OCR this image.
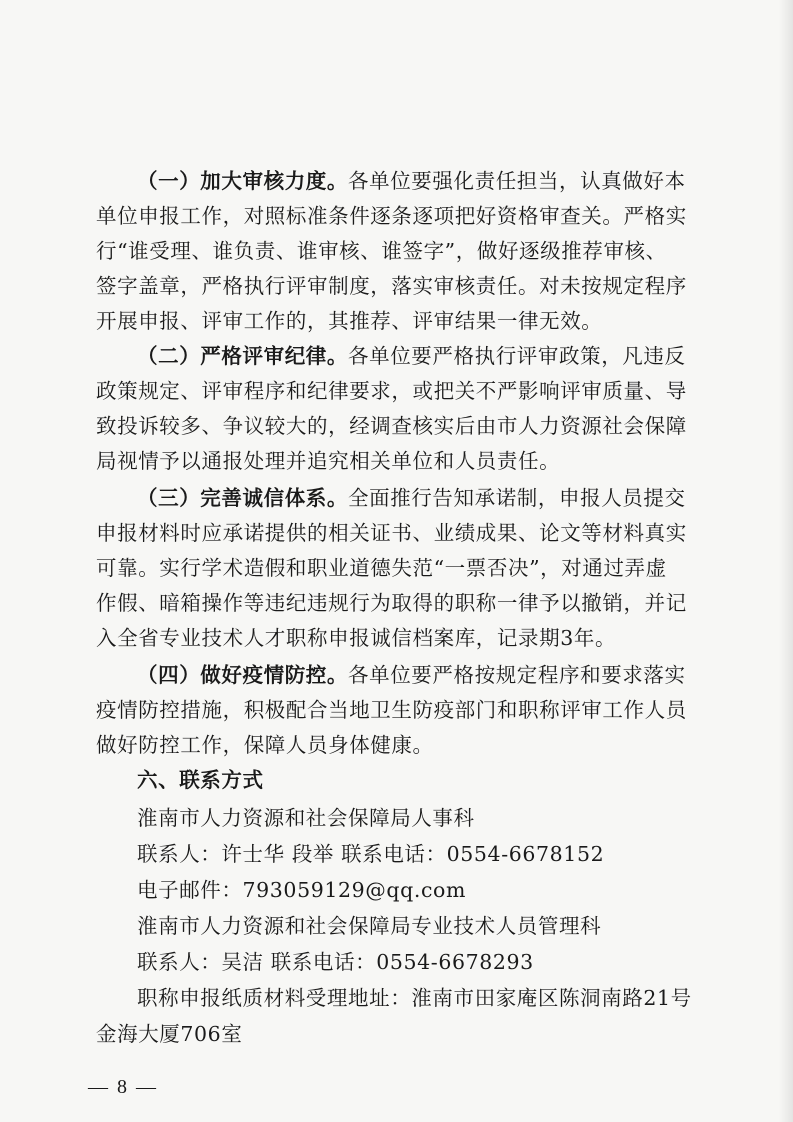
（一）加大审核力度。各单位要强化责任担当，认真做好本
单位申报工作，对照标准条件逐条逐项把好资格审查关。严格实
行“谁受理、谁负责、谁审核、谁签字”，做好逐级推荐审核、
签字盖章，严格执行评审制度，落实审核责任。对未按规定程序
开展申报、评审工作的，其推荐、评审结果一律无效。
（二）严格评审纪律。各单位要严格执行评审政策，凡违反
政策规定、评审程序和纪律要求，或把关不严影响评审质量、导
致投诉较多、争议较大的，经调查核实后由市人力资源社会保障
局视情予以通报处理并追究相关单位和人员责任。
（三）完善诚信体系。全面推行告知承诺制，申报人员提交
申报材料时应承诺提供的相关证书、业绩成果、论文等材料真实
可靠。实行学术造假和职业道德失范“一票否决”，对通过弄虚
作假、暗箱操作等违纪违规行为取得的职称一律予以撤销，并记
入全省专业技术人才职称申报诚信档案库，记录期3年。
（四）做好疫情防控。各单位要严格按规定程序和要求落实
疫情防控措施，积极配合当地卫生防疫部门和职称评审工作人员
做好防控工作，保障人员身体健康。
六、联系方式
淮南市人力资源和社会保障局人事科
联系人：许士华 段举 联系电话：0554-6678152
电子邮件：793059129@qq.com
淮南市人力资源和社会保障局专业技术人员管理科
联系人：吴洁 联系电话：0554-6678293
职称申报纸质材料受理地址：淮南市田家庵区陈洞南路21号
金海大厦706室
— 8 —
